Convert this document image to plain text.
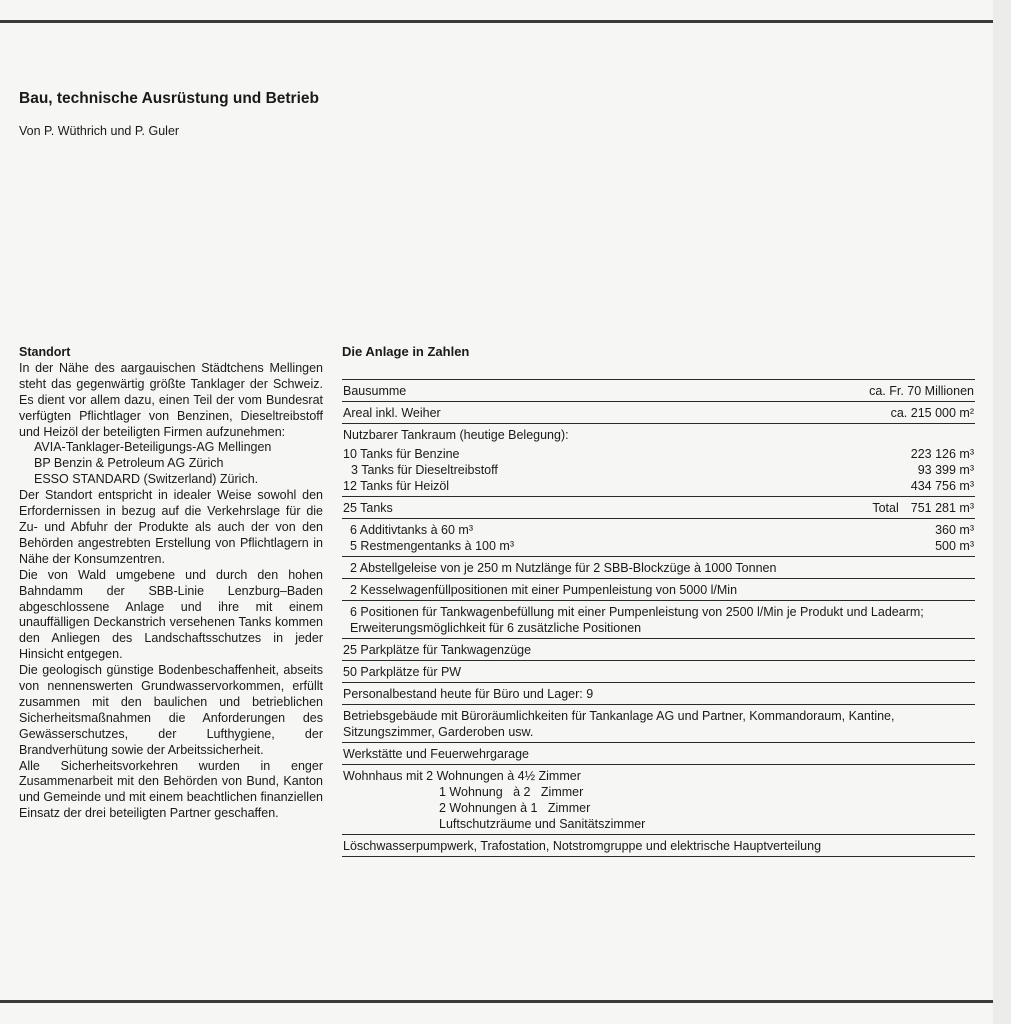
Bau, technische Ausrüstung und Betrieb

Von P. Wüthrich und P. Guler

Standort

In der Nähe des aargauischen Städtchens Mellingen steht das gegenwärtig größte Tanklager der Schweiz. Es dient vor allem dazu, einen Teil der vom Bundesrat verfügten Pflichtlager von Benzinen, Dieseltreibstoff und Heizöl der beteiligten Firmen aufzunehmen:

AVIA-Tanklager-Beteiligungs-AG Mellingen
BP Benzin & Petroleum AG Zürich
ESSO STANDARD (Switzerland) Zürich.

Der Standort entspricht in idealer Weise sowohl den Erfordernissen in bezug auf die Verkehrslage für die Zu- und Abfuhr der Produkte als auch der von den Behörden angestrebten Erstellung von Pflichtlagern in Nähe der Konsumzentren.

Die von Wald umgebene und durch den hohen Bahndamm der SBB-Linie Lenzburg–Baden abgeschlossene Anlage und ihre mit einem unauffälligen Deckanstrich versehenen Tanks kommen den Anliegen des Landschaftsschutzes in jeder Hinsicht entgegen.

Die geologisch günstige Bodenbeschaffenheit, abseits von nennenswerten Grundwasservorkommen, erfüllt zusammen mit den baulichen und betrieblichen Sicherheitsmaßnahmen die Anforderungen des Gewässerschutzes, der Lufthygiene, der Brandverhütung sowie der Arbeitssicherheit.

Alle Sicherheitsvorkehren wurden in enger Zusammenarbeit mit den Behörden von Bund, Kanton und Gemeinde und mit einem beachtlichen finanziellen Einsatz der drei beteiligten Partner geschaffen.

Die Anlage in Zahlen
Bausumme	ca. Fr. 70 Millionen
Areal inkl. Weiher	ca. 215 000 m²
Nutzbarer Tankraum (heutige Belegung):
10 Tanks für Benzine	223 126 m³
3 Tanks für Dieseltreibstoff	93 399 m³
12 Tanks für Heizöl	434 756 m³
25 Tanks	Total 751 281 m³
6 Additivtanks à 60 m³	360 m³
5 Restmengentanks à 100 m³	500 m³
2 Abstellgeleise von je 250 m Nutzlänge für 2 SBB-Blockzüge à 1000 Tonnen
2 Kesselwagenfüllpositionen mit einer Pumpenleistung von 5000 l/Min
6 Positionen für Tankwagenbefüllung mit einer Pumpenleistung von 2500 l/Min je Produkt und Ladearm; Erweiterungsmöglichkeit für 6 zusätzliche Positionen
25 Parkplätze für Tankwagenzüge
50 Parkplätze für PW
Personalbestand heute für Büro und Lager: 9
Betriebsgebäude mit Büroräumlichkeiten für Tankanlage AG und Partner, Kommandoraum, Kantine, Sitzungszimmer, Garderoben usw.
Werkstätte und Feuerwehrgarage
Wohnhaus mit 2 Wohnungen à 4½ Zimmer
1 Wohnung   à 2   Zimmer
2 Wohnungen à 1   Zimmer
Luftschutzräume und Sanitätszimmer
Löschwasserpumpwerk, Trafostation, Notstromgruppe und elektrische Hauptverteilung
